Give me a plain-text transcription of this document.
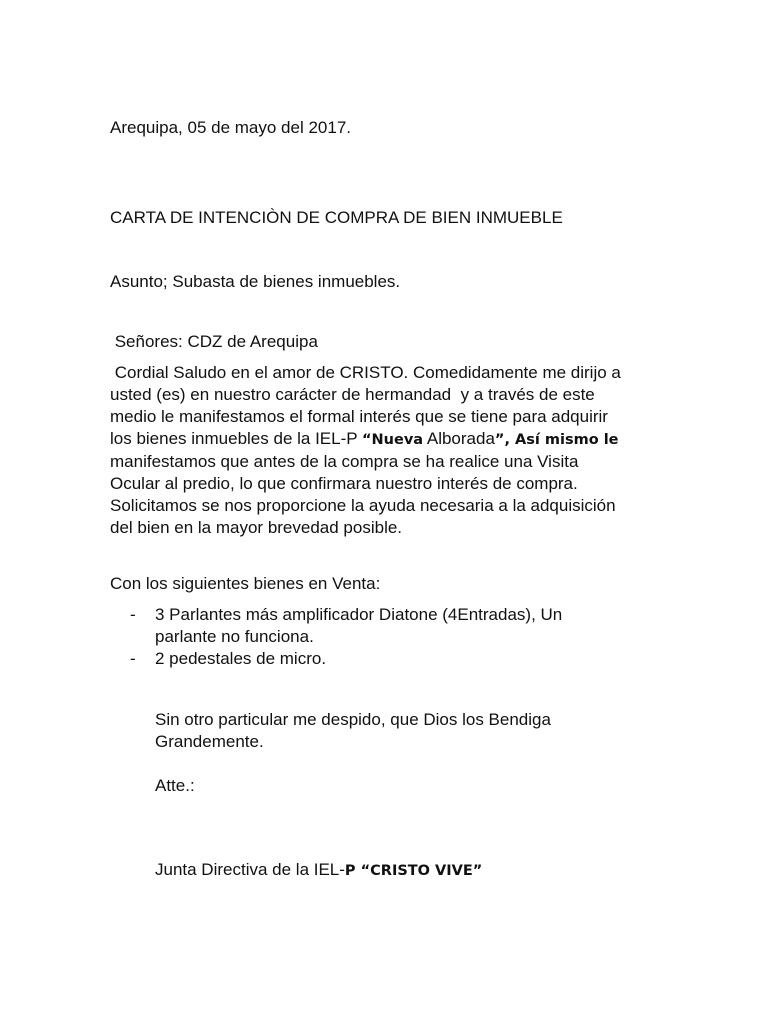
Arequipa, 05 de mayo del 2017.

CARTA DE INTENCIÒN DE COMPRA DE BIEN INMUEBLE

Asunto; Subasta de bienes inmuebles.

Señores: CDZ de Arequipa

Cordial Saludo en el amor de CRISTO. Comedidamente me dirijo a
usted (es) en nuestro carácter de hermandad  y a través de este
medio le manifestamos el formal interés que se tiene para adquirir
los bienes inmuebles de la IEL-P “Nueva Alborada”, Así mismo le
manifestamos que antes de la compra se ha realice una Visita
Ocular al predio, lo que confirmara nuestro interés de compra.
Solicitamos se nos proporcione la ayuda necesaria a la adquisición
del bien en la mayor brevedad posible.

Con los siguientes bienes en Venta:

- 3 Parlantes más amplificador Diatone (4Entradas), Un
parlante no funciona.
- 2 pedestales de micro.
Sin otro particular me despido, que Dios los Bendiga
Grandemente.

Atte.:

Junta Directiva de la IEL-P “CRISTO VIVE”
